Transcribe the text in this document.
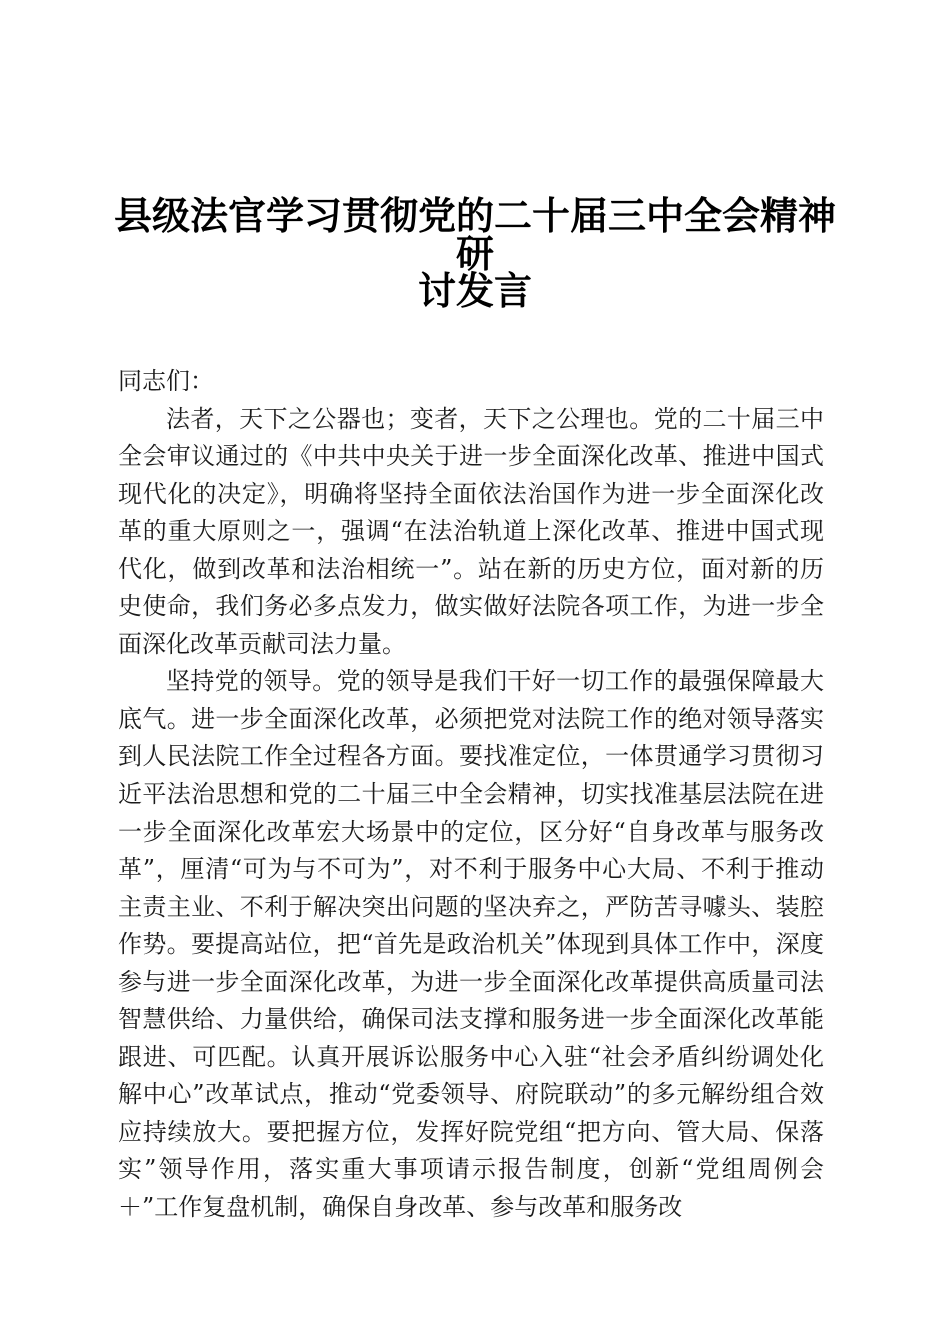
县级法官学习贯彻党的二十届三中全会精神研
讨发言

同志们：

法者，天下之公器也；变者，天下之公理也。党的二十届三中全会审议通过的《中共中央关于进一步全面深化改革、推进中国式现代化的决定》，明确将坚持全面依法治国作为进一步全面深化改革的重大原则之一，强调“在法治轨道上深化改革、推进中国式现代化，做到改革和法治相统一”。站在新的历史方位，面对新的历史使命，我们务必多点发力，做实做好法院各项工作，为进一步全面深化改革贡献司法力量。

坚持党的领导。党的领导是我们干好一切工作的最强保障最大底气。进一步全面深化改革，必须把党对法院工作的绝对领导落实到人民法院工作全过程各方面。要找准定位，一体贯通学习贯彻习近平法治思想和党的二十届三中全会精神，切实找准基层法院在进一步全面深化改革宏大场景中的定位，区分好“自身改革与服务改革”，厘清“可为与不可为”，对不利于服务中心大局、不利于推动主责主业、不利于解决突出问题的坚决弃之，严防苦寻噱头、装腔作势。要提高站位，把“首先是政治机关”体现到具体工作中，深度参与进一步全面深化改革，为进一步全面深化改革提供高质量司法智慧供给、力量供给，确保司法支撑和服务进一步全面深化改革能跟进、可匹配。认真开展诉讼服务中心入驻“社会矛盾纠纷调处化解中心”改革试点，推动“党委领导、府院联动”的多元解纷组合效应持续放大。要把握方位，发挥好院党组“把方向、管大局、保落实”领导作用，落实重大事项请示报告制度，创新“党组周例会＋”工作复盘机制，确保自身改革、参与改革和服务改
